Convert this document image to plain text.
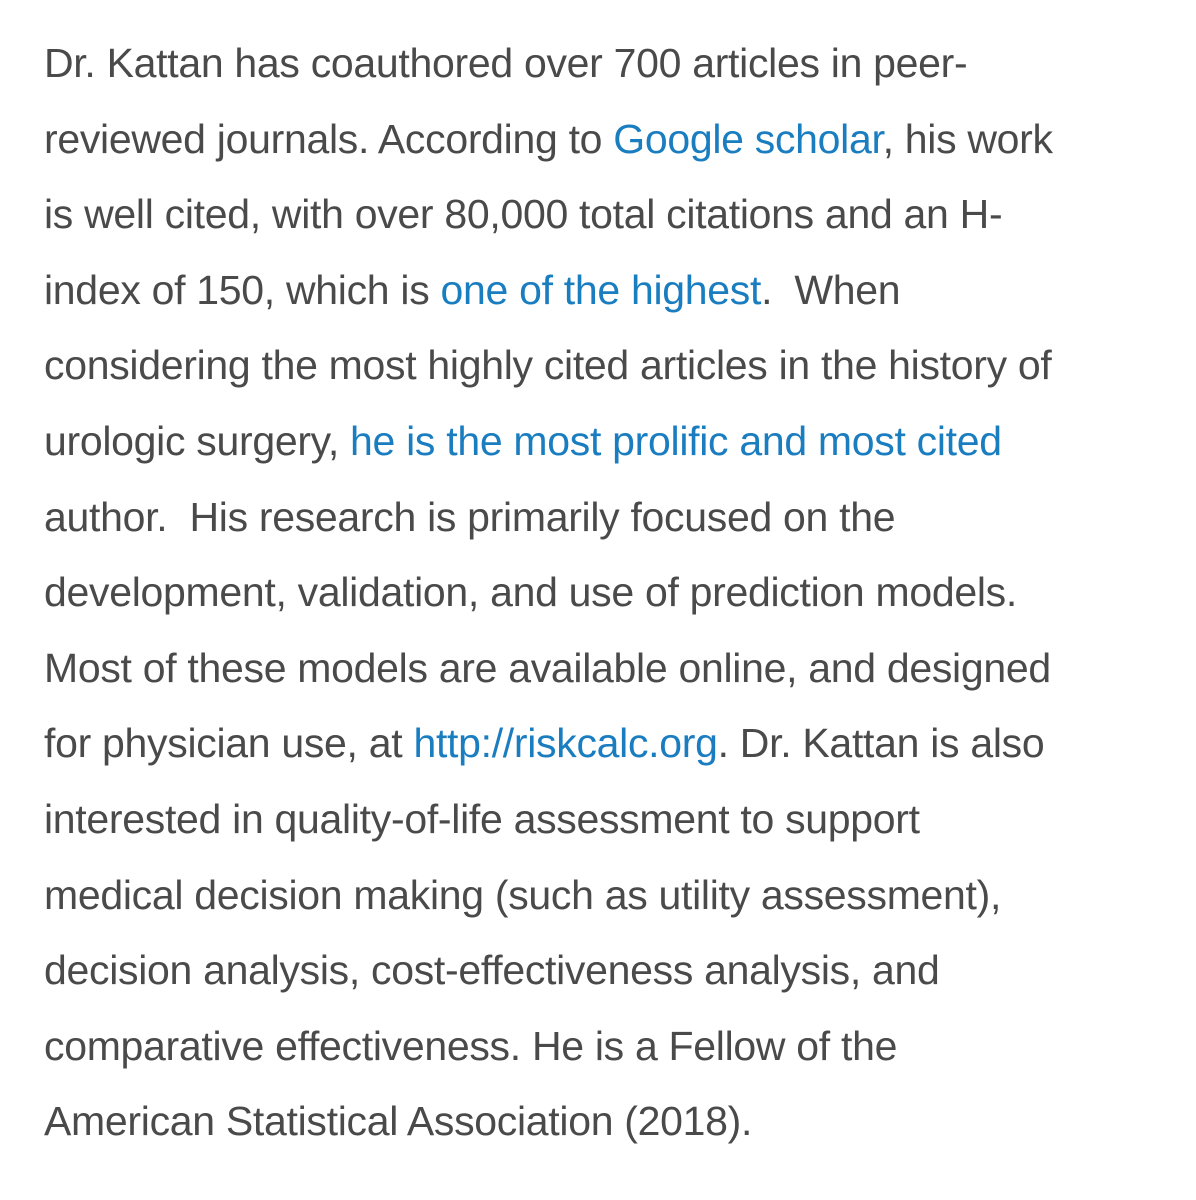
Dr. Kattan has coauthored over 700 articles in peer-
reviewed journals. According to Google scholar, his work
is well cited, with over 80,000 total citations and an H-
index of 150, which is one of the highest.  When
considering the most highly cited articles in the history of
urologic surgery, he is the most prolific and most cited
author.  His research is primarily focused on the
development, validation, and use of prediction models.
Most of these models are available online, and designed
for physician use, at http://riskcalc.org. Dr. Kattan is also
interested in quality-of-life assessment to support
medical decision making (such as utility assessment),
decision analysis, cost-effectiveness analysis, and
comparative effectiveness. He is a Fellow of the
American Statistical Association (2018).
